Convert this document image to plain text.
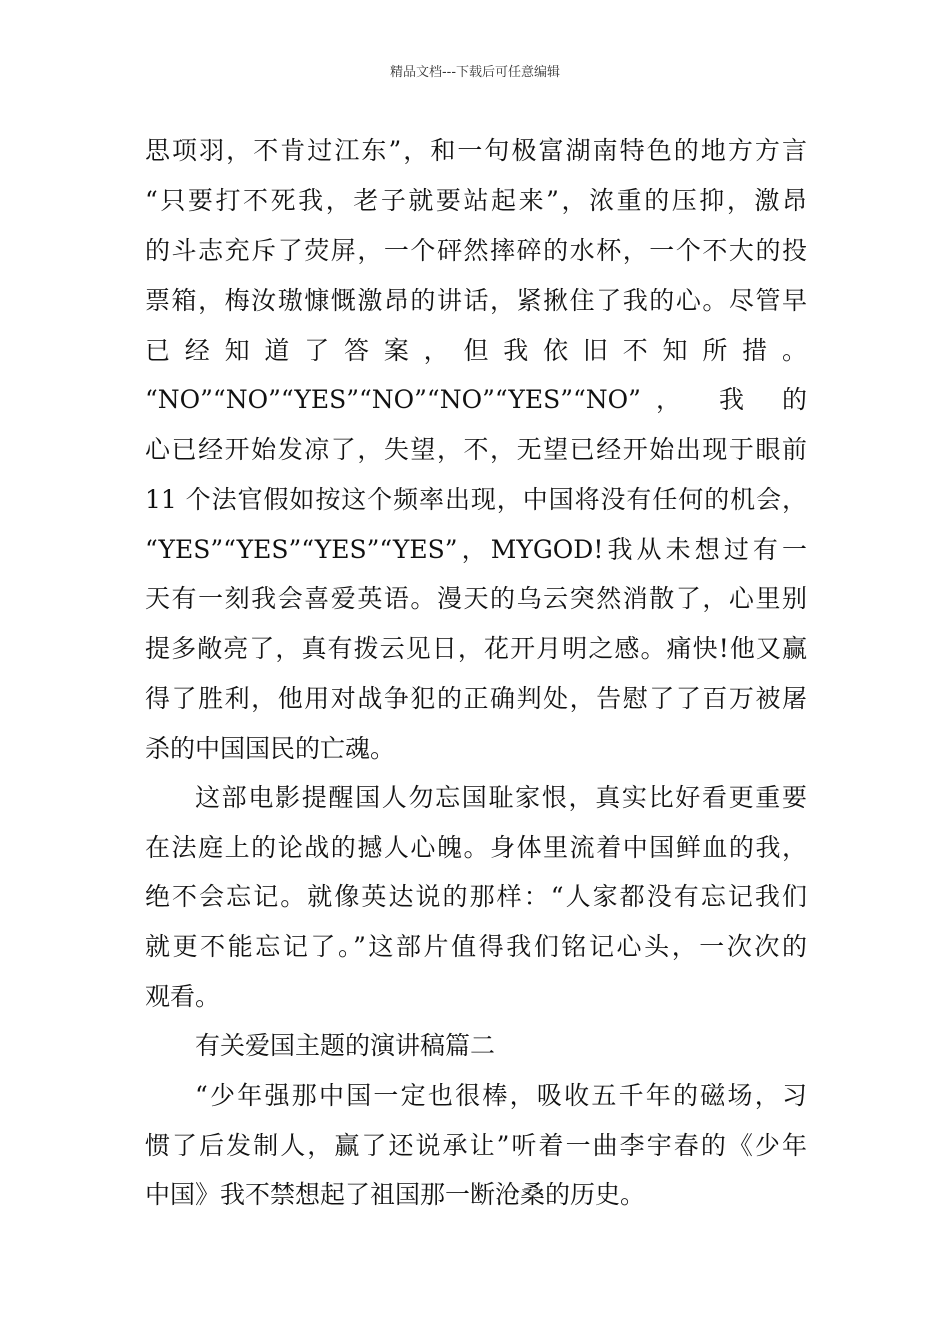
精品文档---下载后可任意编辑
思项羽，不肯过江东”，和一句极富湖南特色的地方方言
“只要打不死我，老子就要站起来”，浓重的压抑，激昂
的斗志充斥了荧屏，一个砰然摔碎的水杯，一个不大的投
票箱，梅汝璈慷慨激昂的讲话，紧揪住了我的心。尽管早
已 经 知 道 了 答 案 ， 但 我 依 旧 不 知 所 措 。
“NO”“NO”“YES”“NO”“NO”“YES”“NO”， 我 的
心已经开始发凉了，失望，不，无望已经开始出现于眼前
11 个法官假如按这个频率出现，中国将没有任何的机会，
“YES”“YES”“YES”“YES”，MYGOD!我从未想过有一
天有一刻我会喜爱英语。漫天的乌云突然消散了，心里别
提多敞亮了，真有拨云见日，花开月明之感。痛快!他又赢
得了胜利，他用对战争犯的正确判处，告慰了了百万被屠
杀的中国国民的亡魂。
这部电影提醒国人勿忘国耻家恨，真实比好看更重要
在法庭上的论战的撼人心魄。身体里流着中国鲜血的我，
绝不会忘记。就像英达说的那样：“人家都没有忘记我们
就更不能忘记了。”这部片值得我们铭记心头，一次次的
观看。
有关爱国主题的演讲稿篇二
“少年强那中国一定也很棒，吸收五千年的磁场，习
惯了后发制人，赢了还说承让”听着一曲李宇春的《少年
中国》我不禁想起了祖国那一断沧桑的历史。
